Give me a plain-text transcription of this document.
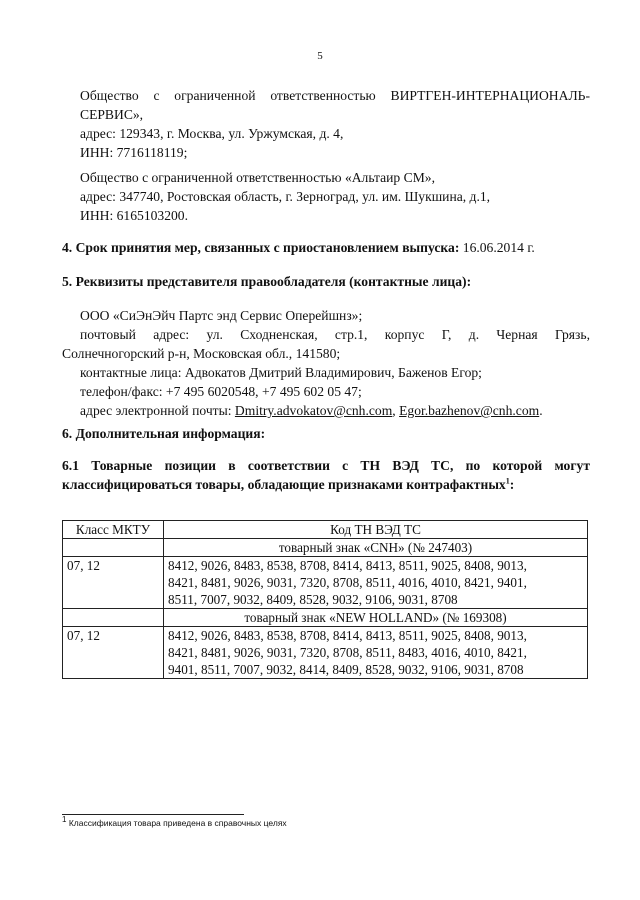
5
Общество с ограниченной ответственностью ВИРТГЕН-ИНТЕРНАЦИОНАЛЬ-
СЕРВИС»,
адрес: 129343, г. Москва, ул. Уржумская, д. 4,
ИНН: 7716118119;
Общество с ограниченной ответственностью «Альтаир СМ»,
адрес: 347740, Ростовская область, г. Зерноград, ул. им. Шукшина, д.1,
ИНН: 6165103200.
4. Срок принятия мер, связанных с приостановлением выпуска: 16.06.2014 г.
5. Реквизиты представителя правообладателя (контактные лица):
ООО «СиЭнЭйч Партс энд Сервис Оперейшнз»;
почтовый адрес: ул. Сходненская, стр.1, корпус Г, д. Черная Грязь,
Солнечногорский р-н, Московская обл., 141580;
контактные лица: Адвокатов Дмитрий Владимирович, Баженов Егор;
телефон/факс: +7 495 6020548, +7 495 602 05 47;
адрес электронной почты: Dmitry.advokatov@cnh.com, Egor.bazhenov@cnh.com.
6. Дополнительная информация:
6.1 Товарные позиции в соответствии с ТН ВЭД ТС, по которой могут
классифицироваться товары, обладающие признаками контрафактных$^1$:
Класс МКТУ	Код ТН ВЭД ТС
	товарный знак «CNH» (№ 247403)
07, 12	8412, 9026, 8483, 8538, 8708, 8414, 8413, 8511, 9025, 8408, 9013,
8421, 8481, 9026, 9031, 7320, 8708, 8511, 4016, 4010, 8421, 9401,
8511, 7007, 9032, 8409, 8528, 9032, 9106, 9031, 8708

	товарный знак «NEW HOLLAND» (№ 169308)
07, 12	8412, 9026, 8483, 8538, 8708, 8414, 8413, 8511, 9025, 8408, 9013,
8421, 8481, 9026, 9031, 7320, 8708, 8511, 8483, 4016, 4010, 8421,
9401, 8511, 7007, 9032, 8414, 8409, 8528, 9032, 9106, 9031, 8708
$^1$ Классификация товара приведена в справочных целях
